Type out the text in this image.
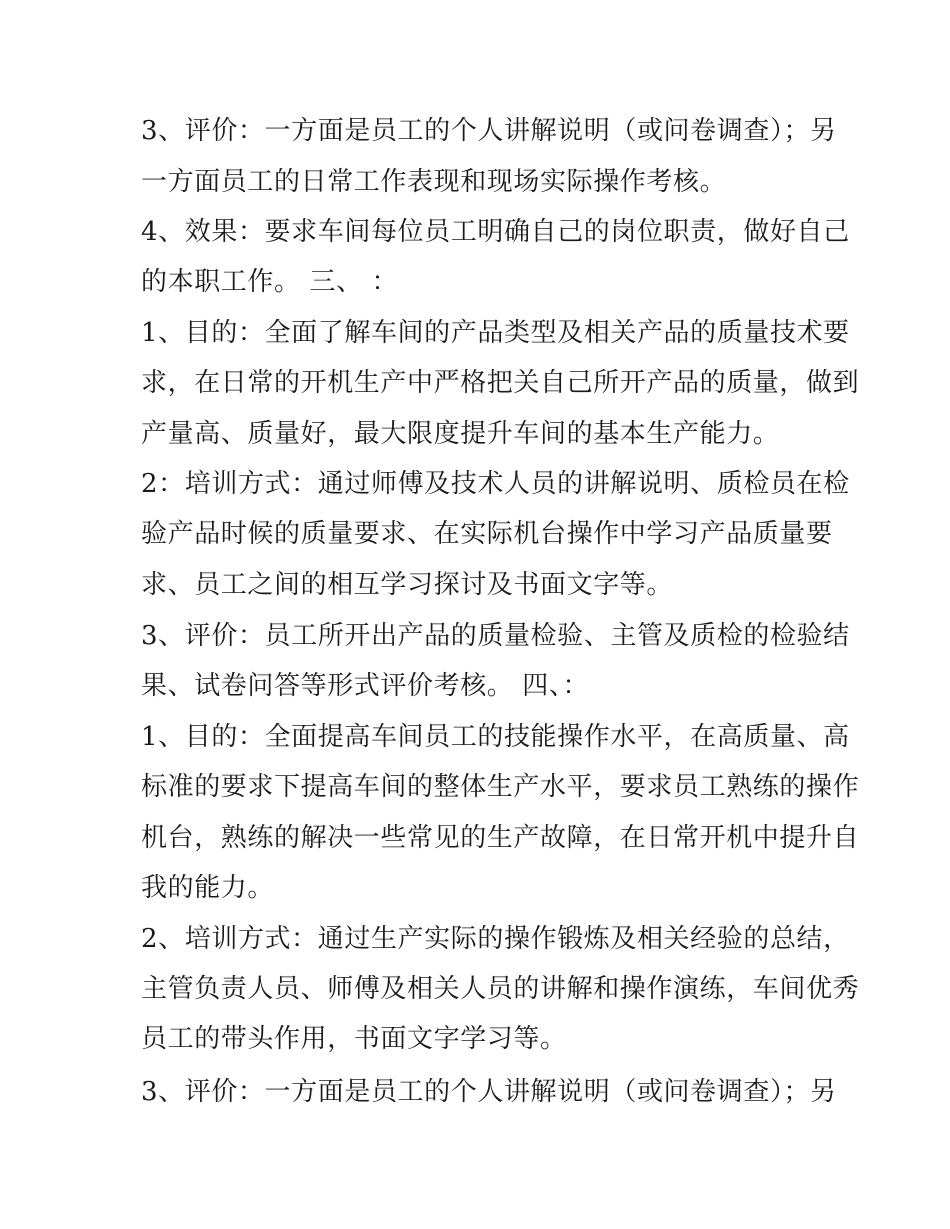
3、评价：一方面是员工的个人讲解说明（或问卷调查）；另

一方面员工的日常工作表现和现场实际操作考核。

4、效果：要求车间每位员工明确自己的岗位职责，做好自己

的本职工作。 三、 ：

1、目的：全面了解车间的产品类型及相关产品的质量技术要

求，在日常的开机生产中严格把关自己所开产品的质量，做到

产量高、质量好，最大限度提升车间的基本生产能力。

2：培训方式：通过师傅及技术人员的讲解说明、质检员在检

验产品时候的质量要求、在实际机台操作中学习产品质量要

求、员工之间的相互学习探讨及书面文字等。

3、评价：员工所开出产品的质量检验、主管及质检的检验结

果、试卷问答等形式评价考核。 四、：

1、目的：全面提高车间员工的技能操作水平，在高质量、高

标准的要求下提高车间的整体生产水平，要求员工熟练的操作

机台，熟练的解决一些常见的生产故障，在日常开机中提升自

我的能力。

2、培训方式：通过生产实际的操作锻炼及相关经验的总结，

主管负责人员、师傅及相关人员的讲解和操作演练，车间优秀

员工的带头作用，书面文字学习等。

3、评价：一方面是员工的个人讲解说明（或问卷调查）；另
